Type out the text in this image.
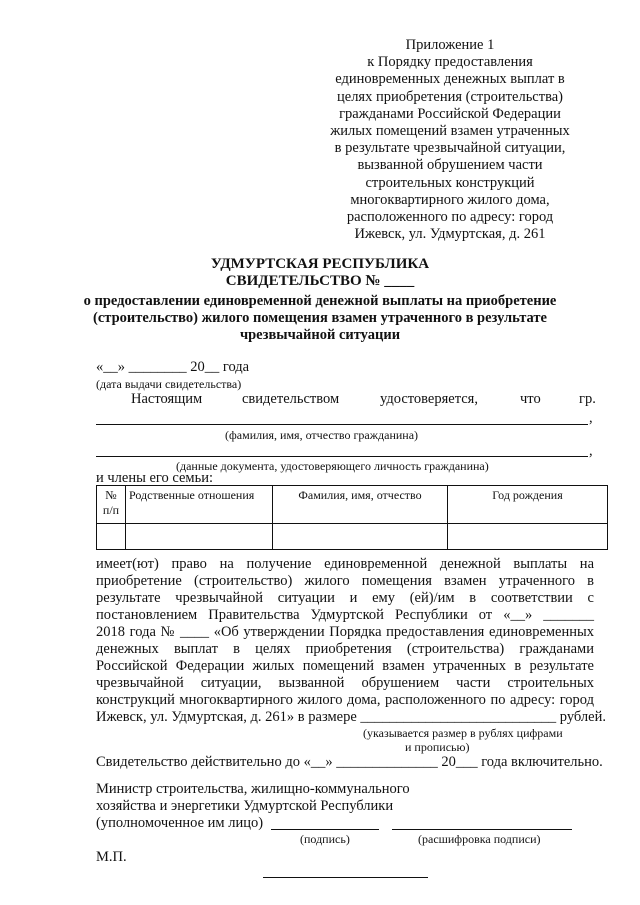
Приложение 1
к Порядку предоставления
единовременных денежных выплат в
целях приобретения (строительства)
гражданами Российской Федерации
жилых помещений взамен утраченных
в результате чрезвычайной ситуации,
вызванной обрушением части
строительных конструкций
многоквартирного жилого дома,
расположенного по адресу: город
Ижевск, ул. Удмуртская, д. 261
УДМУРТСКАЯ РЕСПУБЛИКА
СВИДЕТЕЛЬСТВО № ____
о предоставлении единовременной денежной выплаты на приобретение (строительство) жилого помещения взамен утраченного в результате чрезвычайной ситуации
«__» ________ 20__ года
(дата выдачи свидетельства)
Настоящим	свидетельством	удостоверяется,	что	гр.
,
(фамилия, имя, отчество гражданина)
,
(данные документа, удостоверяющего личность гражданина)
и члены его семьи:
№ п/п	Родственные отношения	Фамилия, имя, отчество	Год рождения

имеет(ют) право на получение единовременной денежной выплаты на
приобретение (строительство) жилого помещения взамен утраченного в
результате чрезвычайной ситуации и ему (ей)/им в соответствии с
постановлением Правительства Удмуртской Республики от «__» _______
2018 года № ____ «Об утверждении Порядка предоставления единовременных
денежных выплат в целях приобретения (строительства) гражданами
Российской Федерации жилых помещений взамен утраченных в результате
чрезвычайной ситуации, вызванной обрушением части строительных
конструкций многоквартирного жилого дома, расположенного по адресу: город
Ижевск, ул. Удмуртская, д. 261» в размере ___________________________ рублей.
(указывается размер в рублях цифрами
и прописью)
Свидетельство действительно до «__» ______________ 20___ года включительно.
Министр строительства, жилищно-коммунального
хозяйства и энергетики Удмуртской Республики
(уполномоченное им лицо)
(подпись)	(расшифровка подписи)
М.П.
